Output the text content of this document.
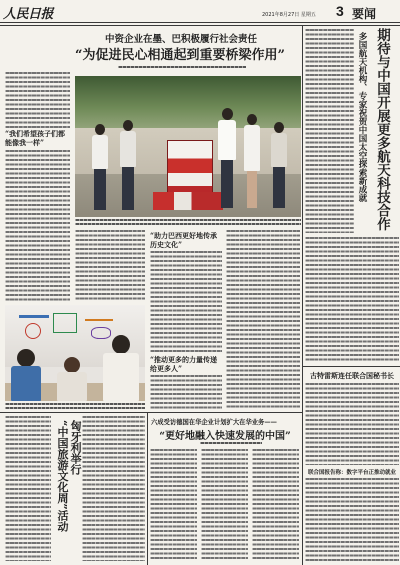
人民日报	2021年8月27日 星期五 3 要闻
中资企业在墨、巴积极履行社会责任
“为促进民心相通起到重要桥梁作用”
“我们希望孩子们都能像我一样”
“助力巴西更好地传承历史文化”
“推动更多的力量传递给更多人”
多国航天机构、专家祝贺中国太空探索新成就 期待与中国开展更多航天科技合作
古特雷斯连任联合国秘书长
联合国报告称：数字平台正推动就业
匈牙利举行
“中国旅游文化周”活动	六成受访德国在华企业计划扩大在华业务——
“更好地融入快速发展的中国”
